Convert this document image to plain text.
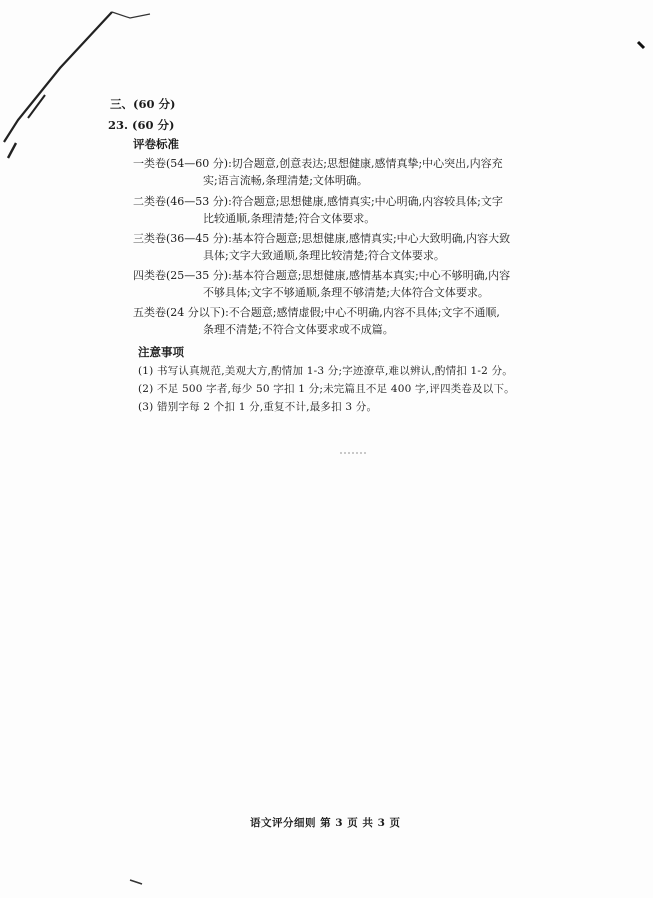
三、(60 分)
23. (60 分)
评卷标准
一类卷(54—60 分):切合题意,创意表达;思想健康,感情真挚;中心突出,内容充
实;语言流畅,条理清楚;文体明确。
二类卷(46—53 分):符合题意;思想健康,感情真实;中心明确,内容较具体;文字
比较通顺,条理清楚;符合文体要求。
三类卷(36—45 分):基本符合题意;思想健康,感情真实;中心大致明确,内容大致
具体;文字大致通顺,条理比较清楚;符合文体要求。
四类卷(25—35 分):基本符合题意;思想健康,感情基本真实;中心不够明确,内容
不够具体;文字不够通顺,条理不够清楚;大体符合文体要求。
五类卷(24 分以下):不合题意;感情虚假;中心不明确,内容不具体;文字不通顺,
条理不清楚;不符合文体要求或不成篇。
注意事项
(1) 书写认真规范,美观大方,酌情加 1-3 分;字迹潦草,难以辨认,酌情扣 1-2 分。
(2) 不足 500 字者,每少 50 字扣 1 分;未完篇且不足 400 字,评四类卷及以下。
(3) 错别字每 2 个扣 1 分,重复不计,最多扣 3 分。
语文评分细则 第 3 页 共 3 页
